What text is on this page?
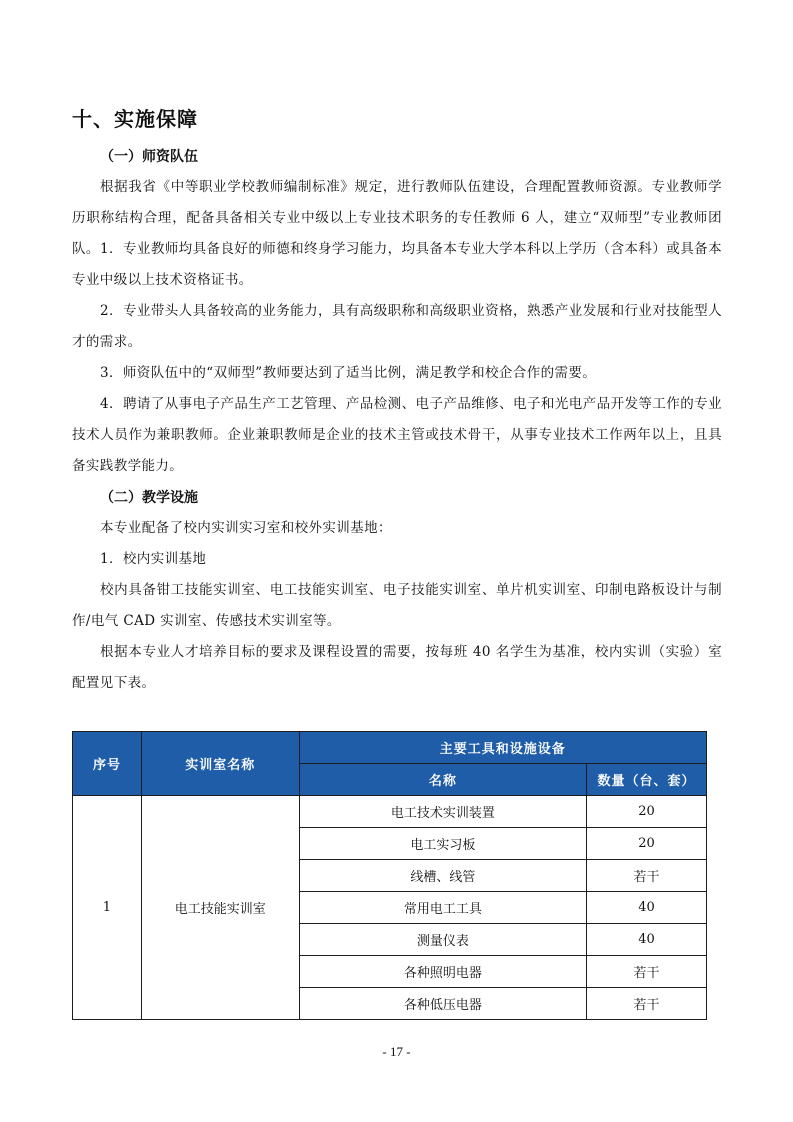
十、实施保障
（一）师资队伍
根据我省《中等职业学校教师编制标准》规定，进行教师队伍建设，合理配置教师资源。专业教师学历职称结构合理，配备具备相关专业中级以上专业技术职务的专任教师 6 人，建立“双师型”专业教师团队。 1．专业教师均具备良好的师德和终身学习能力，均具备本专业大学本科以上学历（含本科）或具备本专业中级以上技术资格证书。
2．专业带头人具备较高的业务能力，具有高级职称和高级职业资格，熟悉产业发展和行业对技能型人才的需求。
3．师资队伍中的“双师型”教师要达到了适当比例，满足教学和校企合作的需要。
4．聘请了从事电子产品生产工艺管理、产品检测、电子产品维修、电子和光电产品开发等工作的专业技术人员作为兼职教师。企业兼职教师是企业的技术主管或技术骨干，从事专业技术工作两年以上，且具备实践教学能力。
（二）教学设施
本专业配备了校内实训实习室和校外实训基地：
1．校内实训基地
校内具备钳工技能实训室、电工技能实训室、电子技能实训室、单片机实训室、印制电路板设计与制作/电气 CAD 实训室、传感技术实训室等。
根据本专业人才培养目标的要求及课程设置的需要，按每班 40 名学生为基准，校内实训（实验）室配置见下表。
序号	实训室名称	主要工具和设施设备	
		名称	数量（台、套）
1	电工技能实训室	电工技术实训装置	20
		电工实习板	20
		线槽、线管	若干
		常用电工工具	40
		测量仪表	40
		各种照明电器	若干
		各种低压电器	若干
- 17 -
